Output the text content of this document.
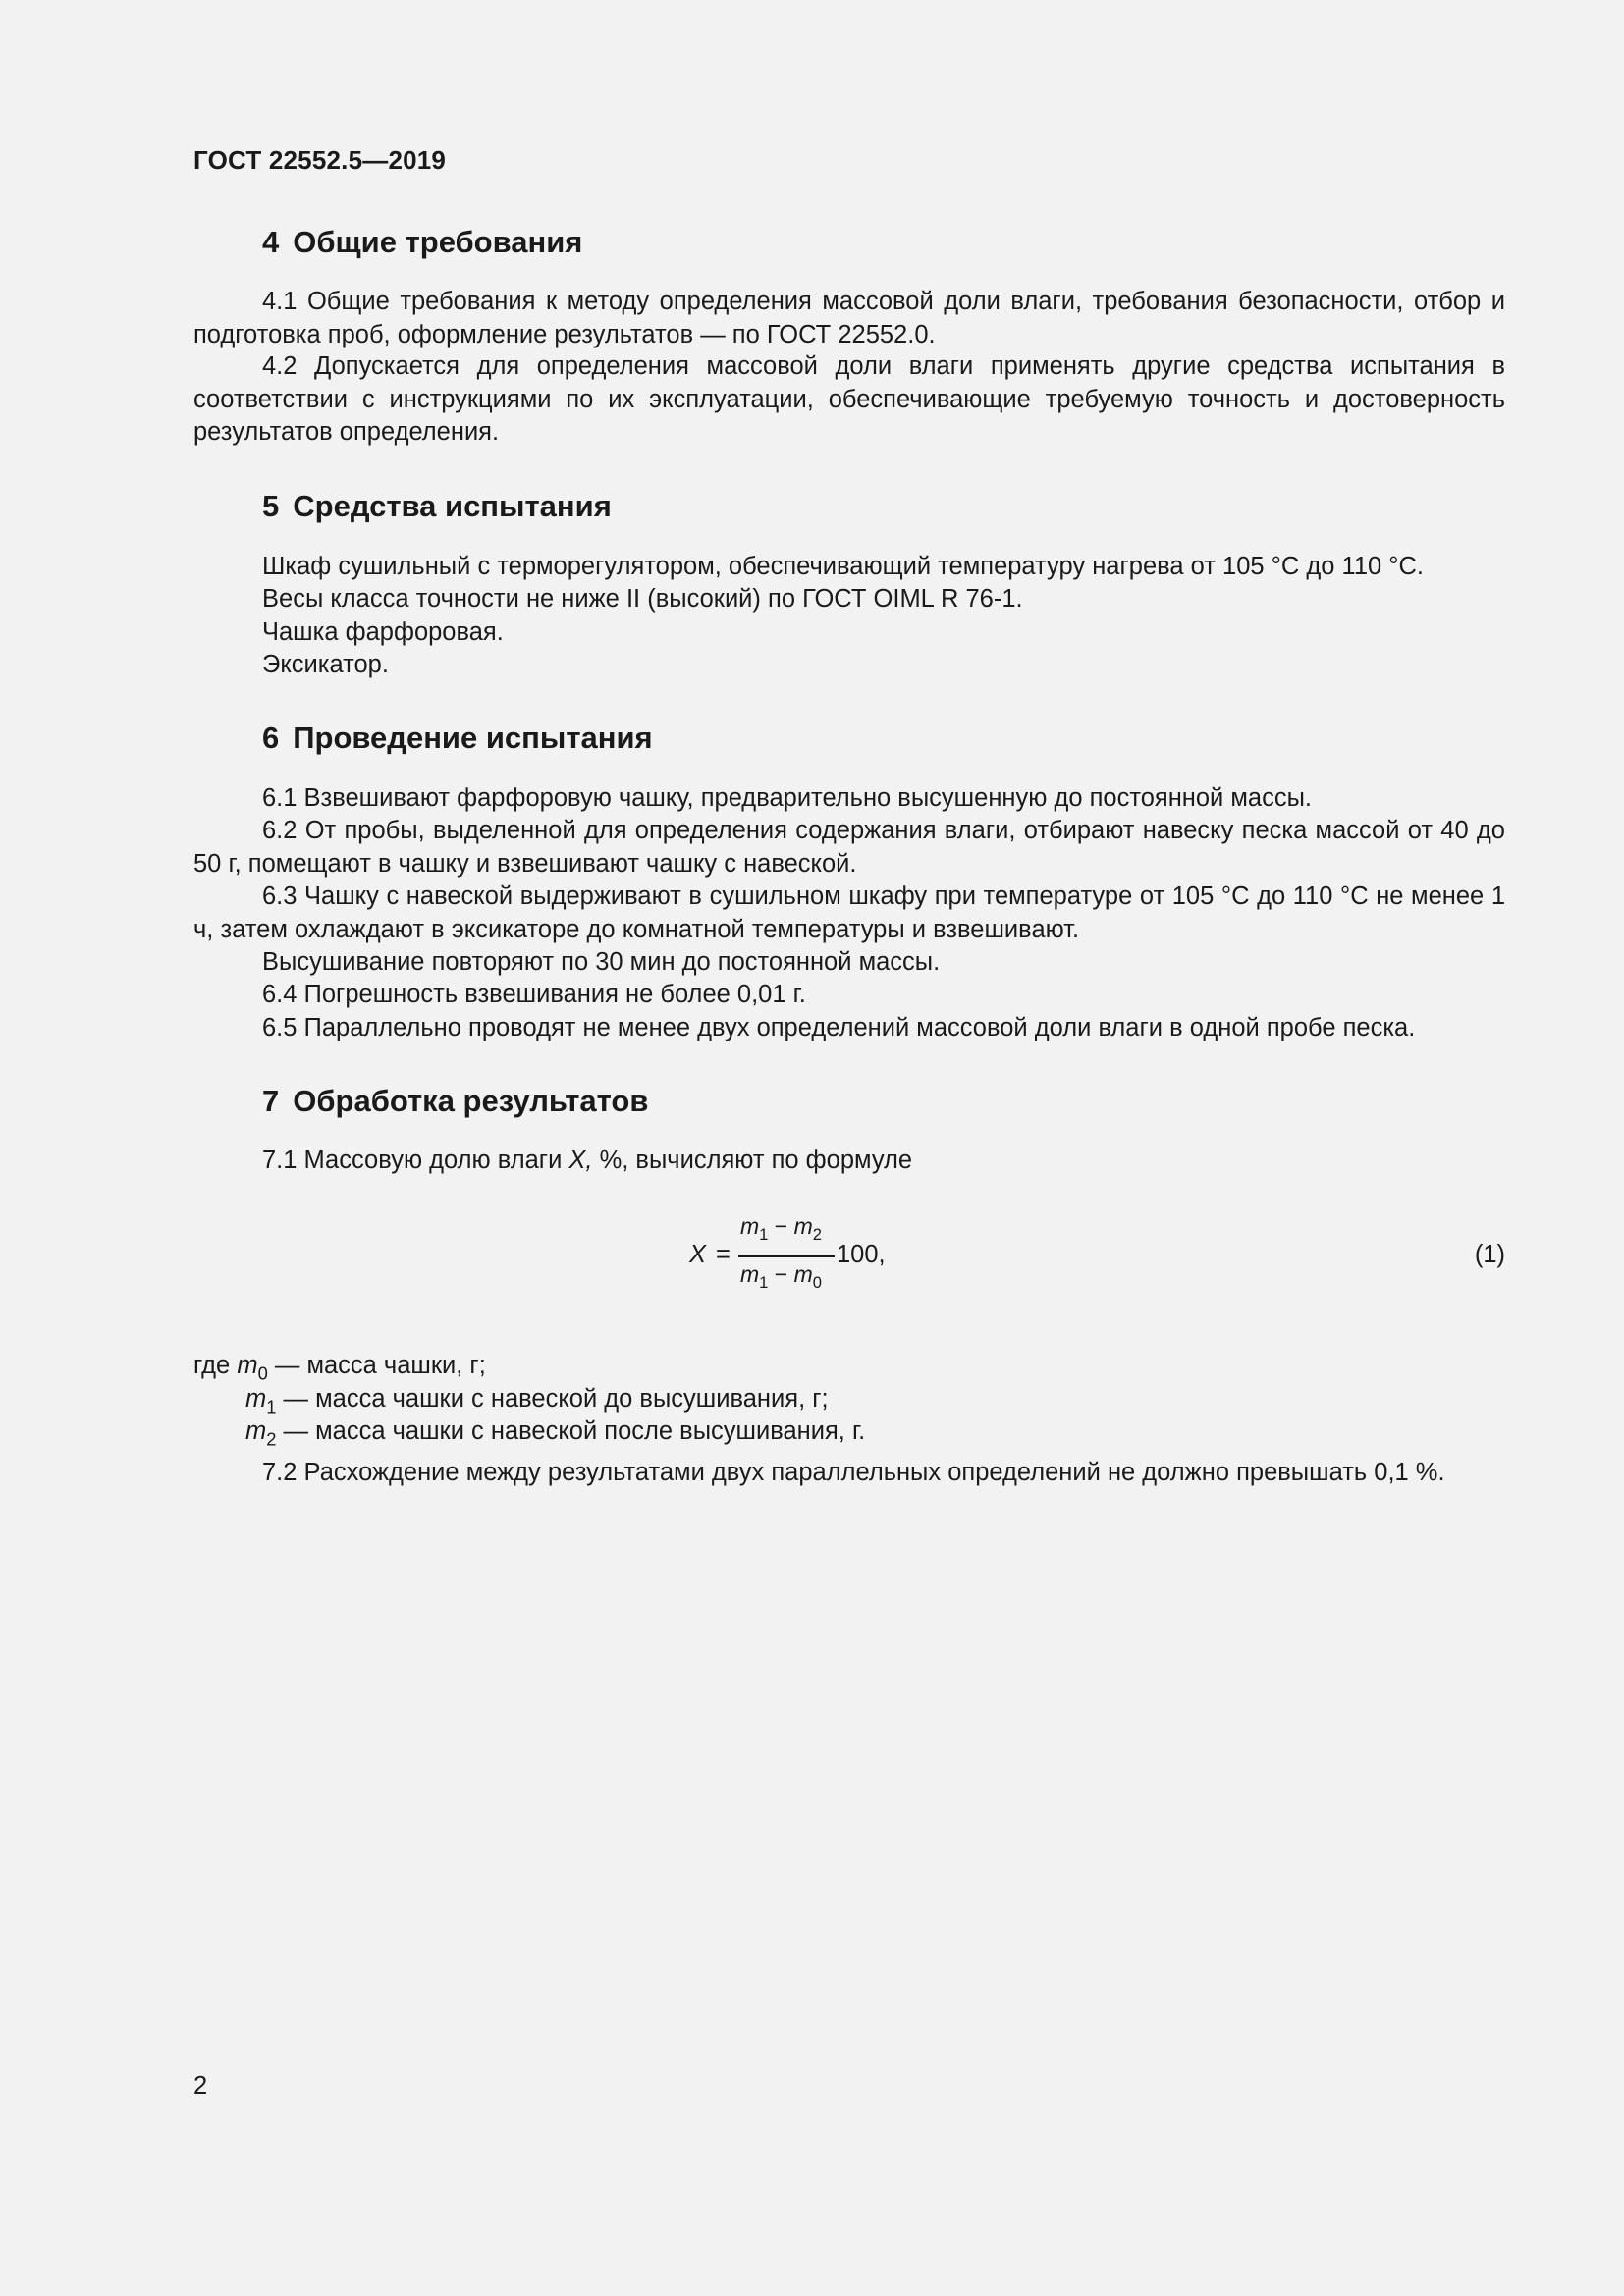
ГОСТ 22552.5—2019
4 Общие требования
4.1 Общие требования к методу определения массовой доли влаги, требования безопасности, отбор и подготовка проб, оформление результатов — по ГОСТ 22552.0.
4.2 Допускается для определения массовой доли влаги применять другие средства испытания в соответствии с инструкциями по их эксплуатации, обеспечивающие требуемую точность и достоверность результатов определения.
5 Средства испытания
Шкаф сушильный с терморегулятором, обеспечивающий температуру нагрева от 105 °С до 110 °С.
Весы класса точности не ниже II (высокий) по ГОСТ OIML R 76-1.
Чашка фарфоровая.
Эксикатор.
6 Проведение испытания
6.1 Взвешивают фарфоровую чашку, предварительно высушенную до постоянной массы.
6.2 От пробы, выделенной для определения содержания влаги, отбирают навеску песка массой от 40 до 50 г, помещают в чашку и взвешивают чашку с навеской.
6.3 Чашку с навеской выдерживают в сушильном шкафу при температуре от 105 °С до 110 °С не менее 1 ч, затем охлаждают в эксикаторе до комнатной температуры и взвешивают.
Высушивание повторяют по 30 мин до постоянной массы.
6.4 Погрешность взвешивания не более 0,01 г.
6.5 Параллельно проводят не менее двух определений массовой доли влаги в одной пробе песка.
7 Обработка результатов
7.1 Массовую долю влаги X, %, вычисляют по формуле
X =
$m_1 - m_2$
$m_1 - m_0$
100,	(1)
где $m_0$ — масса чашки, г;
$m_1$ — масса чашки с навеской до высушивания, г;
$m_2$ — масса чашки с навеской после высушивания, г.
7.2 Расхождение между результатами двух параллельных определений не должно превышать 0,1 %.
2
